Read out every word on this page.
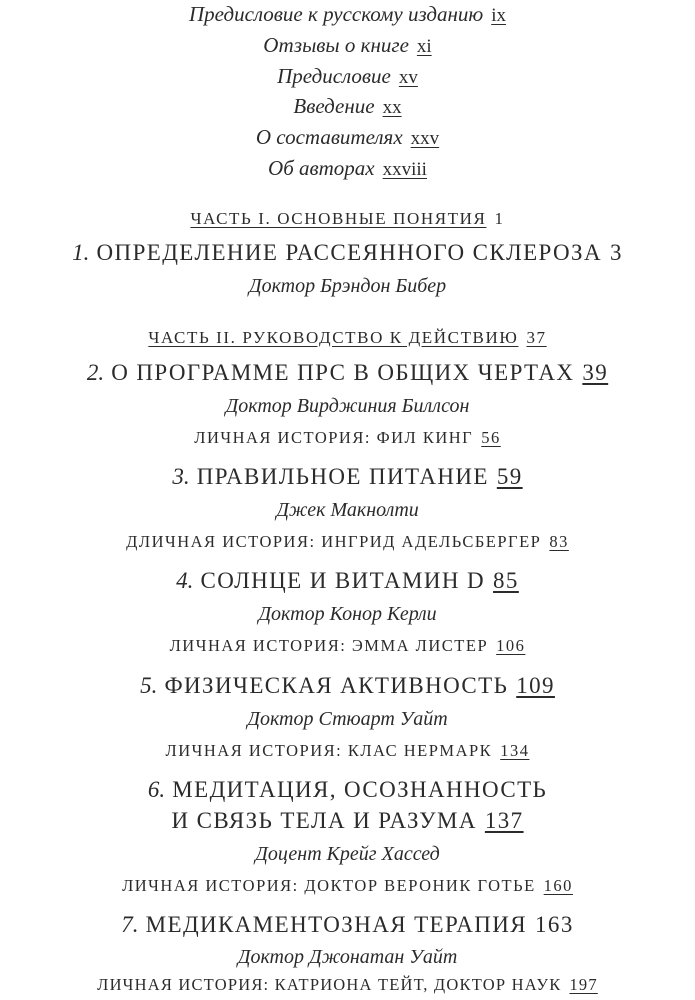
Предисловие к русскому изданию ix
Отзывы о книге xi
Предисловие xv
Введение xx
О составителях xxv
Об авторах xxviii
ЧАСТЬ I. ОСНОВНЫЕ ПОНЯТИЯ 1
1. ОПРЕДЕЛЕНИЕ РАССЕЯННОГО СКЛЕРОЗА 3
Доктор Брэндон Бибер
ЧАСТЬ II. РУКОВОДСТВО К ДЕЙСТВИЮ 37
2. О ПРОГРАММЕ ПРС В ОБЩИХ ЧЕРТАХ 39
Доктор Вирджиния Биллсон
ЛИЧНАЯ ИСТОРИЯ: ФИЛ КИНГ 56
3. ПРАВИЛЬНОЕ ПИТАНИЕ 59
Джек Макнолти
ДЛИЧНАЯ ИСТОРИЯ: ИНГРИД АДЕЛЬСБЕРГЕР 83
4. СОЛНЦЕ И ВИТАМИН D 85
Доктор Конор Керли
ЛИЧНАЯ ИСТОРИЯ: ЭММА ЛИСТЕР 106
5. ФИЗИЧЕСКАЯ АКТИВНОСТЬ 109
Доктор Стюарт Уайт
ЛИЧНАЯ ИСТОРИЯ: КЛАС НЕРМАРК 134
6. МЕДИТАЦИЯ, ОСОЗНАННОСТЬ
И СВЯЗЬ ТЕЛА И РАЗУМА 137
Доцент Крейг Хассед
ЛИЧНАЯ ИСТОРИЯ: ДОКТОР ВЕРОНИК ГОТЬЕ 160
7. МЕДИКАМЕНТОЗНАЯ ТЕРАПИЯ 163
Доктор Джонатан Уайт
ЛИЧНАЯ ИСТОРИЯ: КАТРИОНА ТЕЙТ, ДОКТОР НАУК 197
